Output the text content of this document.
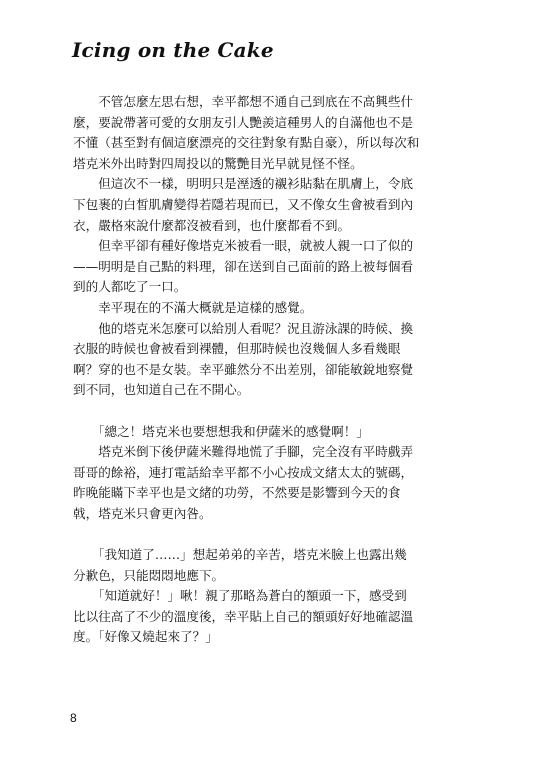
Icing on the Cake
　　不管怎麼左思右想，幸平都想不通自己到底在不高興些什
麼，要說帶著可愛的女朋友引人艷羨這種男人的自滿他也不是
不懂（甚至對有個這麼漂亮的交往對象有點自豪），所以每次和
塔克米外出時對四周投以的驚艷目光早就見怪不怪。
　　但這次不一樣，明明只是溼透的襯衫貼黏在肌膚上，令底
下包裹的白皙肌膚變得若隱若現而已，又不像女生會被看到內
衣，嚴格來說什麼都沒被看到，也什麼都看不到。
　　但幸平卻有種好像塔克米被看一眼，就被人親一口了似的
——明明是自己點的料理，卻在送到自己面前的路上被每個看
到的人都吃了一口。
　　幸平現在的不滿大概就是這樣的感覺。
　　他的塔克米怎麼可以給別人看呢？況且游泳課的時候、換
衣服的時候也會被看到裸體，但那時候也沒幾個人多看幾眼
啊？穿的也不是女裝。幸平雖然分不出差別，卻能敏銳地察覺
到不同，也知道自己在不開心。
　　「總之！塔克米也要想想我和伊薩米的感覺啊！」
　　塔克米倒下後伊薩米難得地慌了手腳，完全沒有平時戲弄
哥哥的餘裕，連打電話給幸平都不小心按成文緒太太的號碼，
昨晚能瞞下幸平也是文緒的功勞，不然要是影響到今天的食
戟，塔克米只會更內咎。
　　「我知道了……」想起弟弟的辛苦，塔克米臉上也露出幾
分歉色，只能悶悶地應下。
　　「知道就好！」啾！親了那略為蒼白的額頭一下，感受到
比以往高了不少的溫度後，幸平貼上自己的額頭好好地確認溫
度。「好像又燒起來了？」
8
